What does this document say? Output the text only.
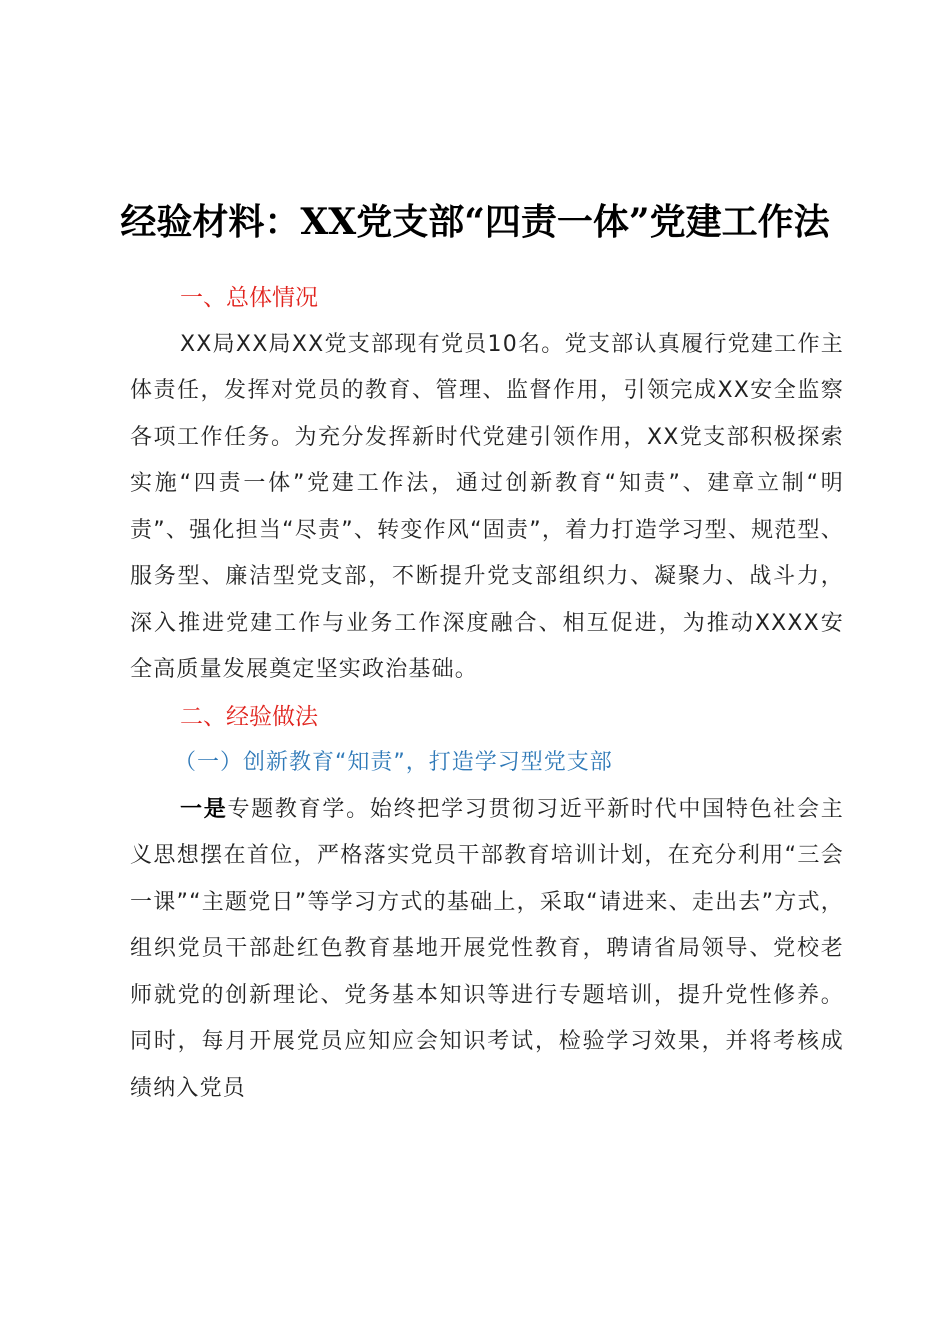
经验材料：XX党支部“四责一体”党建工作法
一、总体情况

XX局XX局XX党支部现有党员10名。党支部认真履行党建工作主体责任，发挥对党员的教育、管理、监督作用，引领完成XX安全监察各项工作任务。为充分发挥新时代党建引领作用，XX党支部积极探索实施“四责一体”党建工作法，通过创新教育“知责”、建章立制“明责”、强化担当“尽责”、转变作风“固责”，着力打造学习型、规范型、服务型、廉洁型党支部，不断提升党支部组织力、凝聚力、战斗力，深入推进党建工作与业务工作深度融合、相互促进，为推动XXXX安全高质量发展奠定坚实政治基础。

二、经验做法
（一）创新教育“知责”，打造学习型党支部

一是专题教育学。始终把学习贯彻习近平新时代中国特色社会主义思想摆在首位，严格落实党员干部教育培训计划，在充分利用“三会一课”“主题党日”等学习方式的基础上，采取“请进来、走出去”方式，组织党员干部赴红色教育基地开展党性教育，聘请省局领导、党校老师就党的创新理论、党务基本知识等进行专题培训，提升党性修养。同时，每月开展党员应知应会知识考试，检验学习效果，并将考核成绩纳入党员
